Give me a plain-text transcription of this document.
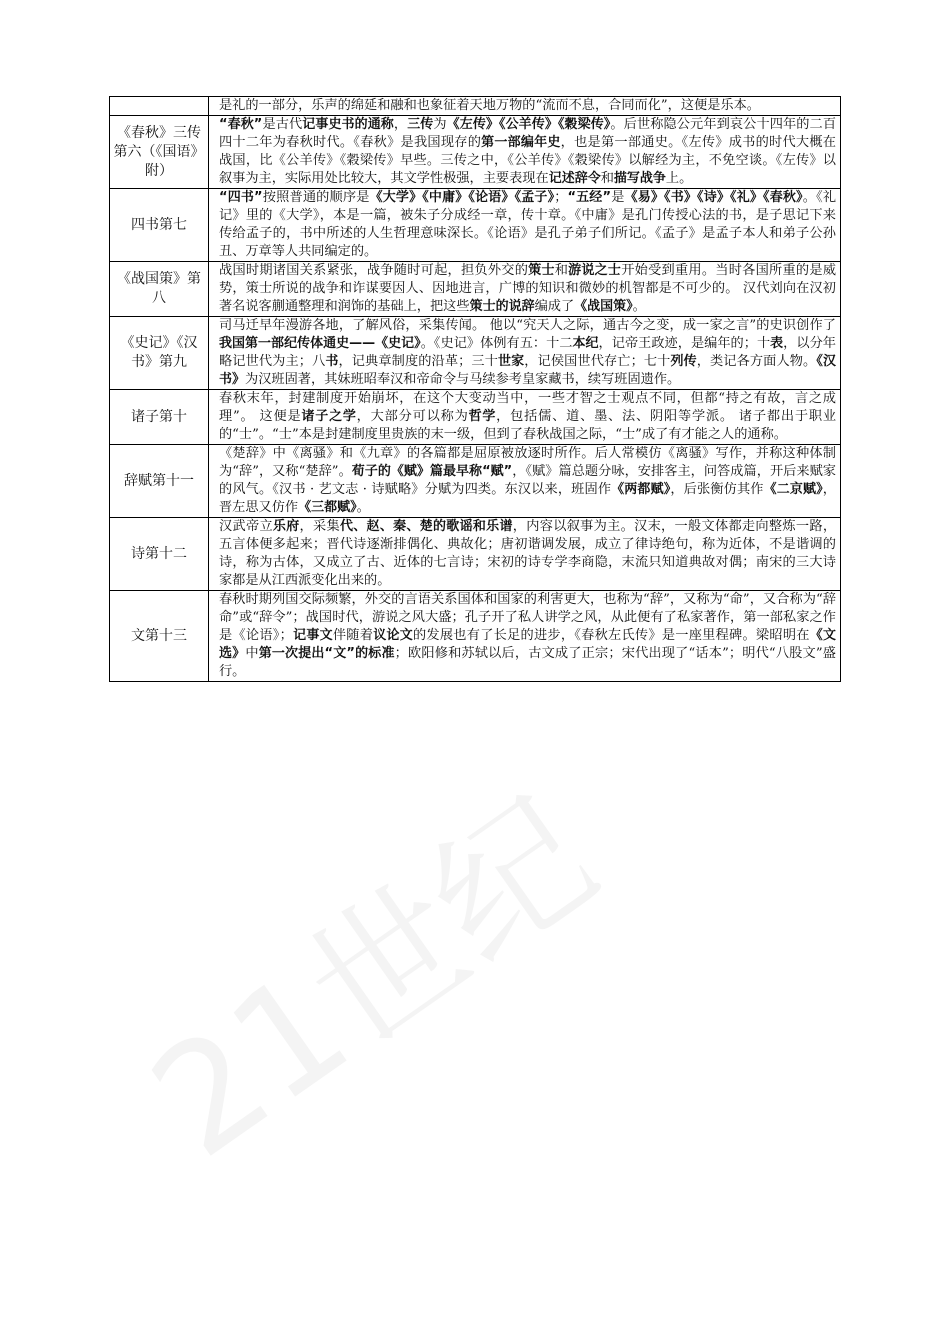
	是礼的一部分，乐声的绵延和融和也象征着天地万物的“流而不息，合同而化”，这便是乐本。
《春秋》三传第六（《国语》附）	“春秋”是古代记事史书的通称，三传为《左传》《公羊传》《穀梁传》。后世称隐公元年到哀公十四年的二百四十二年为春秋时代。《春秋》是我国现存的第一部编年史，也是第一部通史。《左传》成书的时代大概在战国，比《公羊传》《穀梁传》早些。三传之中，《公羊传》《穀梁传》以解经为主，不免空谈。《左传》以叙事为主，实际用处比较大，其文学性极强，主要表现在记述辞令和描写战争上。
四书第七	“四书”按照普通的顺序是《大学》《中庸》《论语》《孟子》；“五经”是《易》《书》《诗》《礼》《春秋》。《礼记》里的《大学》，本是一篇，被朱子分成经一章，传十章。《中庸》是孔门传授心法的书，是子思记下来传给孟子的，书中所述的人生哲理意味深长。《论语》是孔子弟子们所记。《孟子》是孟子本人和弟子公孙丑、万章等人共同编定的。
《战国策》第八	战国时期诸国关系紧张，战争随时可起，担负外交的策士和游说之士开始受到重用。当时各国所重的是威势，策士所说的战争和诈谋要因人、因地进言，广博的知识和微妙的机智都是不可少的。 汉代刘向在汉初著名说客蒯通整理和润饰的基础上，把这些策士的说辞编成了《战国策》。
《史记》《汉书》第九	司马迁早年漫游各地，了解风俗，采集传闻。 他以“究天人之际，通古今之变，成一家之言”的史识创作了我国第一部纪传体通史——《史记》。《史记》体例有五：十二本纪，记帝王政迹，是编年的；十表，以分年略记世代为主；八书，记典章制度的沿革；三十世家，记侯国世代存亡；七十列传，类记各方面人物。《汉书》为汉班固著，其妹班昭奉汉和帝命令与马续参考皇家藏书，续写班固遗作。
诸子第十	春秋末年，封建制度开始崩坏，在这个大变动当中，一些才智之士观点不同，但都“持之有故，言之成理”。 这便是诸子之学，大部分可以称为哲学，包括儒、道、墨、法、阴阳等学派。 诸子都出于职业的“士”。“士”本是封建制度里贵族的末一级，但到了春秋战国之际，“士”成了有才能之人的通称。
辞赋第十一	《楚辞》中《离骚》和《九章》的各篇都是屈原被放逐时所作。后人常模仿《离骚》写作，并称这种体制为“辞”，又称“楚辞”。荀子的《赋》篇最早称“赋”，《赋》篇总题分咏，安排客主，问答成篇，开后来赋家的风气。《汉书 · 艺文志 · 诗赋略》分赋为四类。东汉以来，班固作《两都赋》，后张衡仿其作《二京赋》，晋左思又仿作《三都赋》。
诗第十二	汉武帝立乐府，采集代、赵、秦、楚的歌谣和乐谱，内容以叙事为主。汉末，一般文体都走向整炼一路，五言体便多起来；晋代诗逐渐排偶化、典故化；唐初谐调发展，成立了律诗绝句，称为近体，不是谐调的诗，称为古体，又成立了古、近体的七言诗；宋初的诗专学李商隐，末流只知道典故对偶；南宋的三大诗家都是从江西派变化出来的。
文第十三	春秋时期列国交际频繁，外交的言语关系国体和国家的利害更大，也称为“辞”，又称为“命”，又合称为“辞命”或“辞令”；战国时代，游说之风大盛；孔子开了私人讲学之风，从此便有了私家著作，第一部私家之作是《论语》；记事文伴随着议论文的发展也有了长足的进步，《春秋左氏传》是一座里程碑。梁昭明在《文选》中第一次提出“文”的标准；欧阳修和苏轼以后，古文成了正宗；宋代出现了“话本”；明代“八股文”盛行。
